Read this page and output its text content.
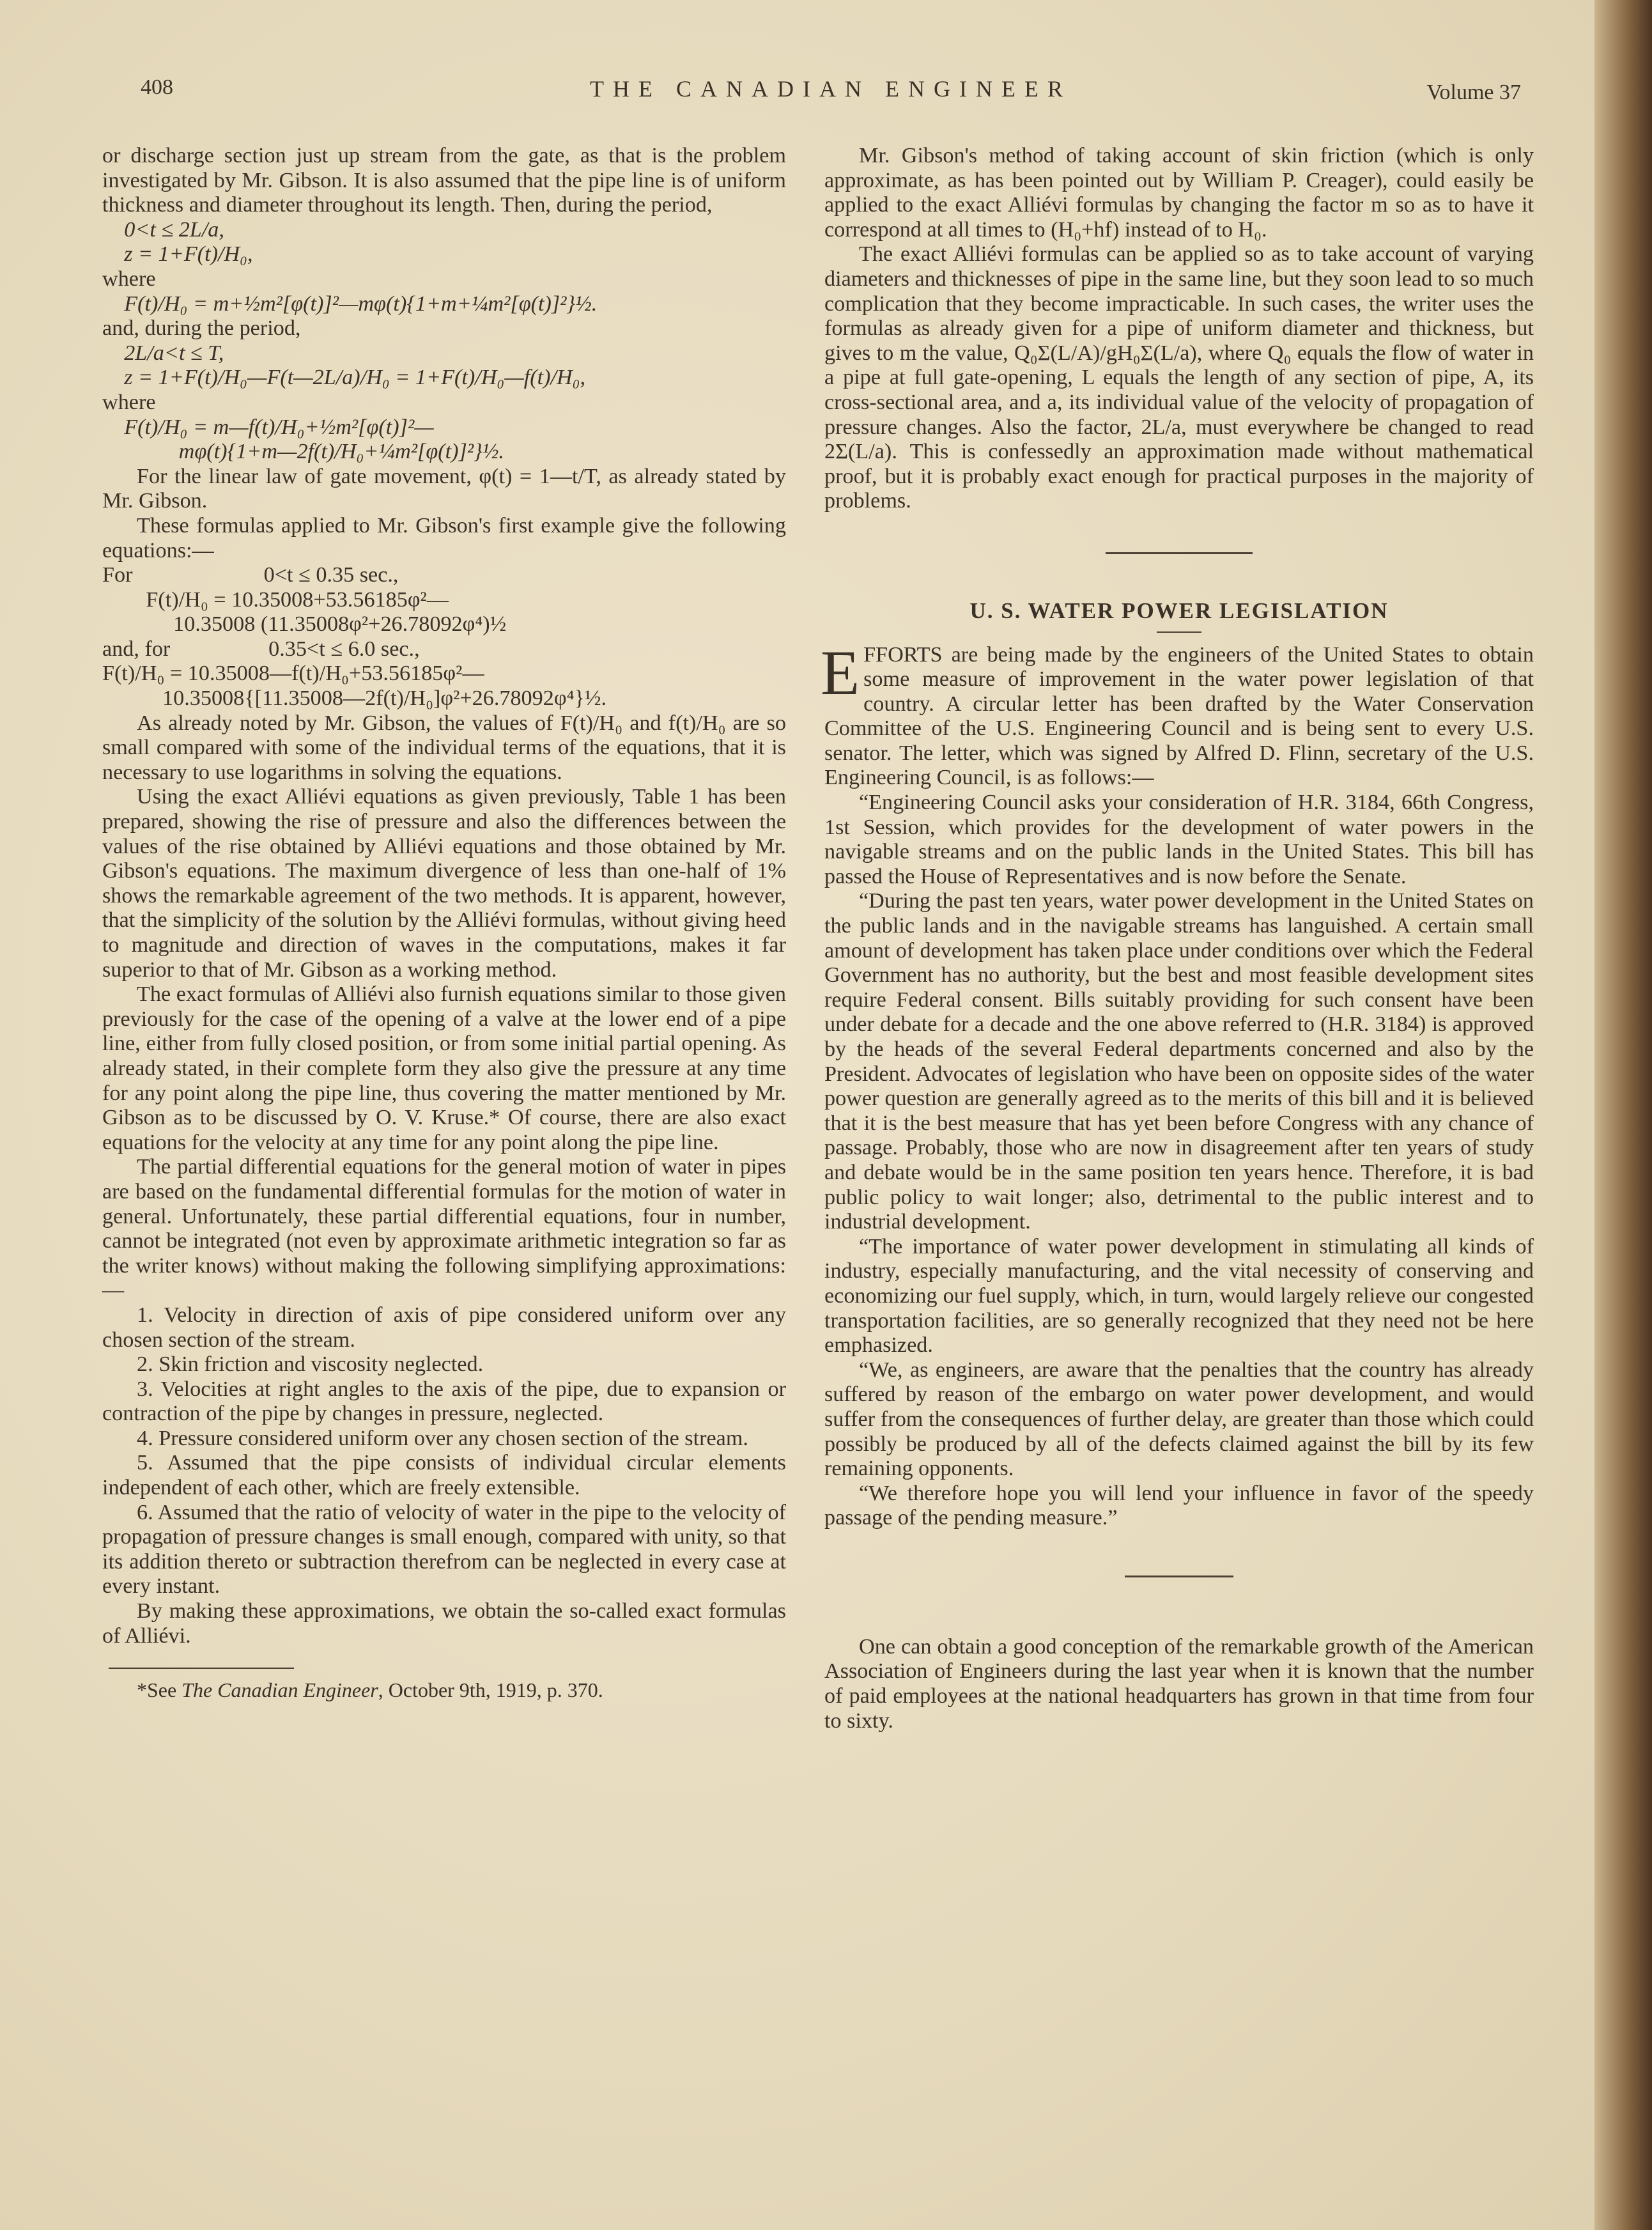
408	THE CANADIAN ENGINEER	Volume 37

or discharge section just up stream from the gate, as that is the problem investigated by Mr. Gibson. It is also assumed that the pipe line is of uniform thickness and diameter throughout its length. Then, during the period,

0<t ≤ 2L/a,

z = 1+F(t)/H₀,

where

F(t)/H₀ = m+½m²[φ(t)]²—mφ(t){1+m+¼m²[φ(t)]²}½.

and, during the period,

2L/a<t ≤ T,

z = 1+F(t)/H₀—F(t—2L/a)/H₀ = 1+F(t)/H₀—f(t)/H₀,

where

F(t)/H₀ = m—f(t)/H₀+½m²[φ(t)]²—

mφ(t){1+m—2f(t)/H₀+¼m²[φ(t)]²}½.

For the linear law of gate movement, φ(t) = 1—t/T, as already stated by Mr. Gibson.

These formulas applied to Mr. Gibson's first example give the following equations:—

For                        0<t ≤ 0.35 sec.,

F(t)/H₀ = 10.35008+53.56185φ²—

10.35008 (11.35008φ²+26.78092φ⁴)½

and, for                  0.35<t ≤ 6.0 sec.,

F(t)/H₀ = 10.35008—f(t)/H₀+53.56185φ²—

10.35008{[11.35008—2f(t)/H₀]φ²+26.78092φ⁴}½.

As already noted by Mr. Gibson, the values of F(t)/H₀ and f(t)/H₀ are so small compared with some of the individual terms of the equations, that it is necessary to use logarithms in solving the equations.

Using the exact Alliévi equations as given previously, Table 1 has been prepared, showing the rise of pressure and also the differences between the values of the rise obtained by Alliévi equations and those obtained by Mr. Gibson's equations. The maximum divergence of less than one-half of 1% shows the remarkable agreement of the two methods. It is apparent, however, that the simplicity of the solution by the Alliévi formulas, without giving heed to magnitude and direction of waves in the computations, makes it far superior to that of Mr. Gibson as a working method.

The exact formulas of Alliévi also furnish equations similar to those given previously for the case of the opening of a valve at the lower end of a pipe line, either from fully closed position, or from some initial partial opening. As already stated, in their complete form they also give the pressure at any time for any point along the pipe line, thus covering the matter mentioned by Mr. Gibson as to be discussed by O. V. Kruse.* Of course, there are also exact equations for the velocity at any time for any point along the pipe line.

The partial differential equations for the general motion of water in pipes are based on the fundamental differential formulas for the motion of water in general. Unfortunately, these partial differential equations, four in number, cannot be integrated (not even by approximate arithmetic integration so far as the writer knows) without making the following simplifying approximations:—

1. Velocity in direction of axis of pipe considered uniform over any chosen section of the stream.

2. Skin friction and viscosity neglected.

3. Velocities at right angles to the axis of the pipe, due to expansion or contraction of the pipe by changes in pressure, neglected.

4. Pressure considered uniform over any chosen section of the stream.

5. Assumed that the pipe consists of individual circular elements independent of each other, which are freely extensible.

6. Assumed that the ratio of velocity of water in the pipe to the velocity of propagation of pressure changes is small enough, compared with unity, so that its addition thereto or subtraction therefrom can be neglected in every case at every instant.

By making these approximations, we obtain the so-called exact formulas of Alliévi.

*See The Canadian Engineer, October 9th, 1919, p. 370.

Mr. Gibson's method of taking account of skin friction (which is only approximate, as has been pointed out by William P. Creager), could easily be applied to the exact Alliévi formulas by changing the factor m so as to have it correspond at all times to (H₀+hf) instead of to H₀.

The exact Alliévi formulas can be applied so as to take account of varying diameters and thicknesses of pipe in the same line, but they soon lead to so much complication that they become impracticable. In such cases, the writer uses the formulas as already given for a pipe of uniform diameter and thickness, but gives to m the value, Q₀Σ(L/A)/gH₀Σ(L/a), where Q₀ equals the flow of water in a pipe at full gate-opening, L equals the length of any section of pipe, A, its cross-sectional area, and a, its individual value of the velocity of propagation of pressure changes. Also the factor, 2L/a, must everywhere be changed to read 2Σ(L/a). This is confessedly an approximation made without mathematical proof, but it is probably exact enough for practical purposes in the majority of problems.

U. S. WATER POWER LEGISLATION

EFFORTS are being made by the engineers of the United States to obtain some measure of improvement in the water power legislation of that country. A circular letter has been drafted by the Water Conservation Committee of the U.S. Engineering Council and is being sent to every U.S. senator. The letter, which was signed by Alfred D. Flinn, secretary of the U.S. Engineering Council, is as follows:—

“Engineering Council asks your consideration of H.R. 3184, 66th Congress, 1st Session, which provides for the development of water powers in the navigable streams and on the public lands in the United States. This bill has passed the House of Representatives and is now before the Senate.

“During the past ten years, water power development in the United States on the public lands and in the navigable streams has languished. A certain small amount of development has taken place under conditions over which the Federal Government has no authority, but the best and most feasible development sites require Federal consent. Bills suitably providing for such consent have been under debate for a decade and the one above referred to (H.R. 3184) is approved by the heads of the several Federal departments concerned and also by the President. Advocates of legislation who have been on opposite sides of the water power question are generally agreed as to the merits of this bill and it is believed that it is the best measure that has yet been before Congress with any chance of passage. Probably, those who are now in disagreement after ten years of study and debate would be in the same position ten years hence. Therefore, it is bad public policy to wait longer; also, detrimental to the public interest and to industrial development.

“The importance of water power development in stimulating all kinds of industry, especially manufacturing, and the vital necessity of conserving and economizing our fuel supply, which, in turn, would largely relieve our congested transportation facilities, are so generally recognized that they need not be here emphasized.

“We, as engineers, are aware that the penalties that the country has already suffered by reason of the embargo on water power development, and would suffer from the consequences of further delay, are greater than those which could possibly be produced by all of the defects claimed against the bill by its few remaining opponents.

“We therefore hope you will lend your influence in favor of the speedy passage of the pending measure.”

One can obtain a good conception of the remarkable growth of the American Association of Engineers during the last year when it is known that the number of paid employees at the national headquarters has grown in that time from four to sixty.
